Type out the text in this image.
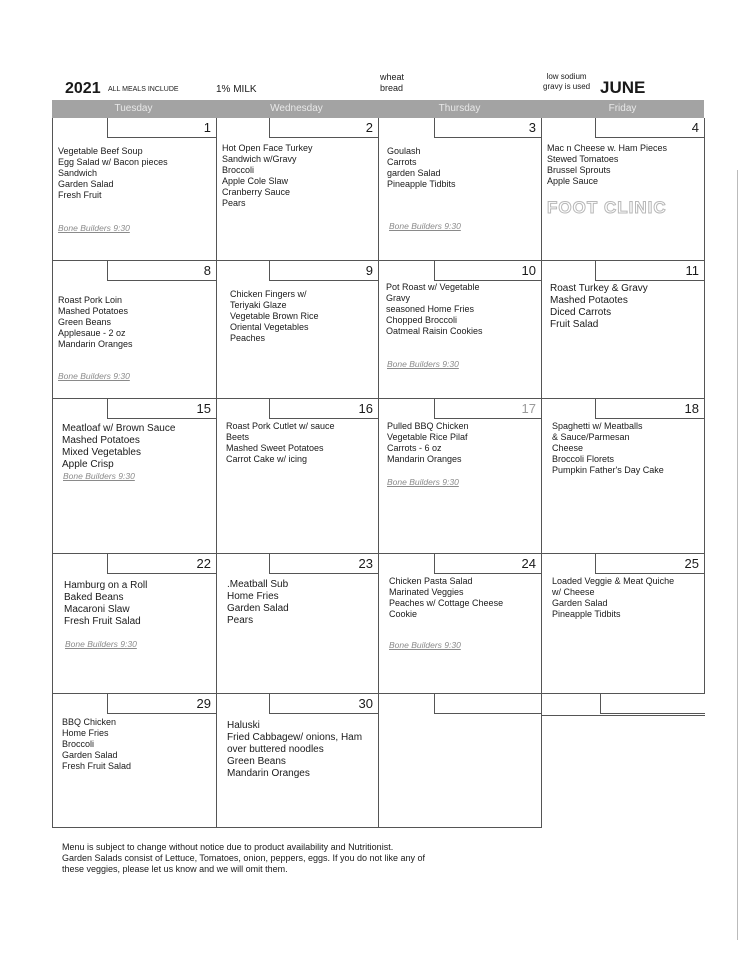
2021 ALL MEALS INCLUDE	1% MILK
wheat
bread
low sodium
gravy is used JUNE
Tuesday	Wednesday	Thursday	Friday
1
Vegetable Beef Soup
Egg Salad w/ Bacon pieces
Sandwich
Garden Salad
Fresh Fruit
Bone Builders 9:30
2
Hot Open Face Turkey
Sandwich w/Gravy
Broccoli
Apple Cole Slaw
Cranberry Sauce
Pears
3
Goulash
Carrots
garden Salad
Pineapple Tidbits
Bone Builders 9:30
4
Mac n Cheese w. Ham Pieces
Stewed Tomatoes
Brussel Sprouts
Apple Sauce
FOOT CLINIC
8
Roast Pork Loin
Mashed Potatoes
Green Beans
Applesaue - 2 oz
Mandarin Oranges
Bone Builders 9:30
9
Chicken Fingers w/
Teriyaki Glaze
Vegetable Brown Rice
Oriental Vegetables
Peaches
10
Pot Roast w/ Vegetable
Gravy
seasoned Home Fries
Chopped Broccoli
Oatmeal Raisin Cookies
Bone Builders 9:30
11
Roast Turkey & Gravy
Mashed Potaotes
Diced Carrots
Fruit Salad
15
Meatloaf w/ Brown Sauce
Mashed Potatoes
Mixed Vegetables
Apple Crisp
Bone Builders 9:30
16
Roast Pork Cutlet w/ sauce
Beets
Mashed Sweet Potatoes
Carrot Cake w/ icing
17
Pulled BBQ Chicken
Vegetable Rice Pilaf
Carrots - 6 oz
Mandarin Oranges
Bone Builders 9:30
18
Spaghetti w/ Meatballs
& Sauce/Parmesan
Cheese
Broccoli Florets
Pumpkin Father's Day Cake
22
Hamburg on a Roll
Baked Beans
Macaroni Slaw
Fresh Fruit Salad
Bone Builders 9:30
23
.Meatball Sub
Home Fries
Garden Salad
Pears
24
Chicken Pasta Salad
Marinated Veggies
Peaches w/ Cottage Cheese
Cookie
Bone Builders 9:30
25
Loaded Veggie & Meat Quiche
w/ Cheese
Garden Salad
Pineapple Tidbits
29
BBQ Chicken
Home Fries
Broccoli
Garden Salad
Fresh Fruit Salad
30
Haluski
Fried Cabbagew/ onions, Ham
over buttered noodles
Green Beans
Mandarin Oranges
Menu is subject to change without notice due to product availability and Nutritionist.
Garden Salads consist of Lettuce, Tomatoes, onion, peppers, eggs. If you do not like any of
these veggies, please let us know and we will omit them.
